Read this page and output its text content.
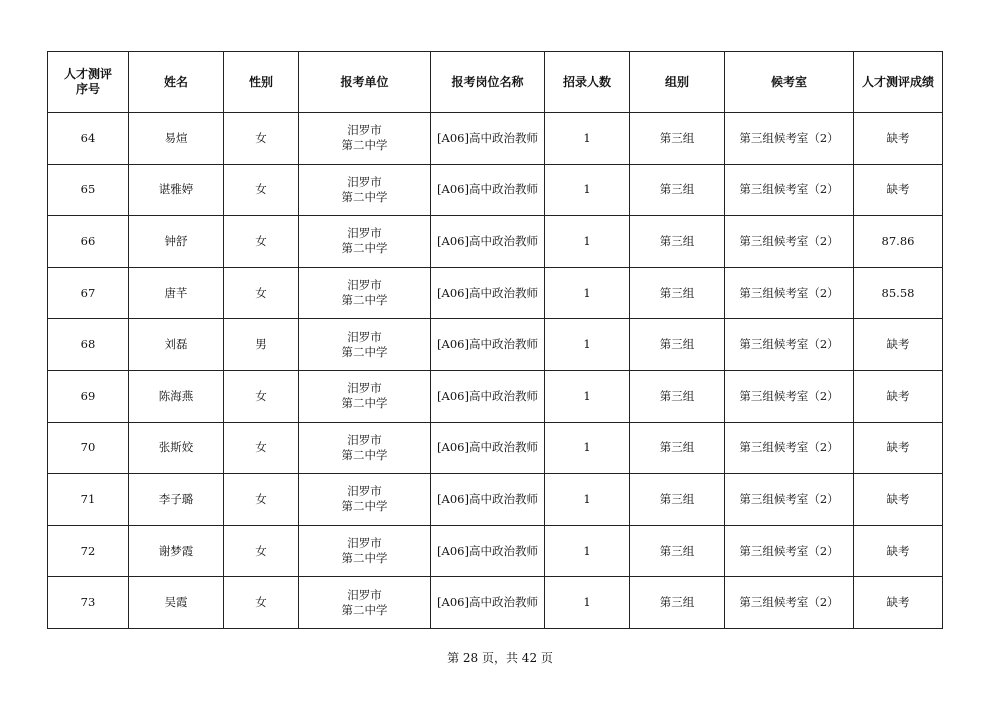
人才测评
序号	姓名	性别	报考单位	报考岗位名称	招录人数	组别	候考室	人才测评成绩
64	易煊	女	汨罗市
第二中学	[A06]高中政治教师	1	第三组	第三组候考室（2）	缺考
65	谌雅婷	女	汨罗市
第二中学	[A06]高中政治教师	1	第三组	第三组候考室（2）	缺考
66	钟舒	女	汨罗市
第二中学	[A06]高中政治教师	1	第三组	第三组候考室（2）	87.86
67	唐芊	女	汨罗市
第二中学	[A06]高中政治教师	1	第三组	第三组候考室（2）	85.58
68	刘磊	男	汨罗市
第二中学	[A06]高中政治教师	1	第三组	第三组候考室（2）	缺考
69	陈海燕	女	汨罗市
第二中学	[A06]高中政治教师	1	第三组	第三组候考室（2）	缺考
70	张斯姣	女	汨罗市
第二中学	[A06]高中政治教师	1	第三组	第三组候考室（2）	缺考
71	李子璐	女	汨罗市
第二中学	[A06]高中政治教师	1	第三组	第三组候考室（2）	缺考
72	谢梦霞	女	汨罗市
第二中学	[A06]高中政治教师	1	第三组	第三组候考室（2）	缺考
73	吴霞	女	汨罗市
第二中学	[A06]高中政治教师	1	第三组	第三组候考室（2）	缺考
第 28 页，共 42 页
